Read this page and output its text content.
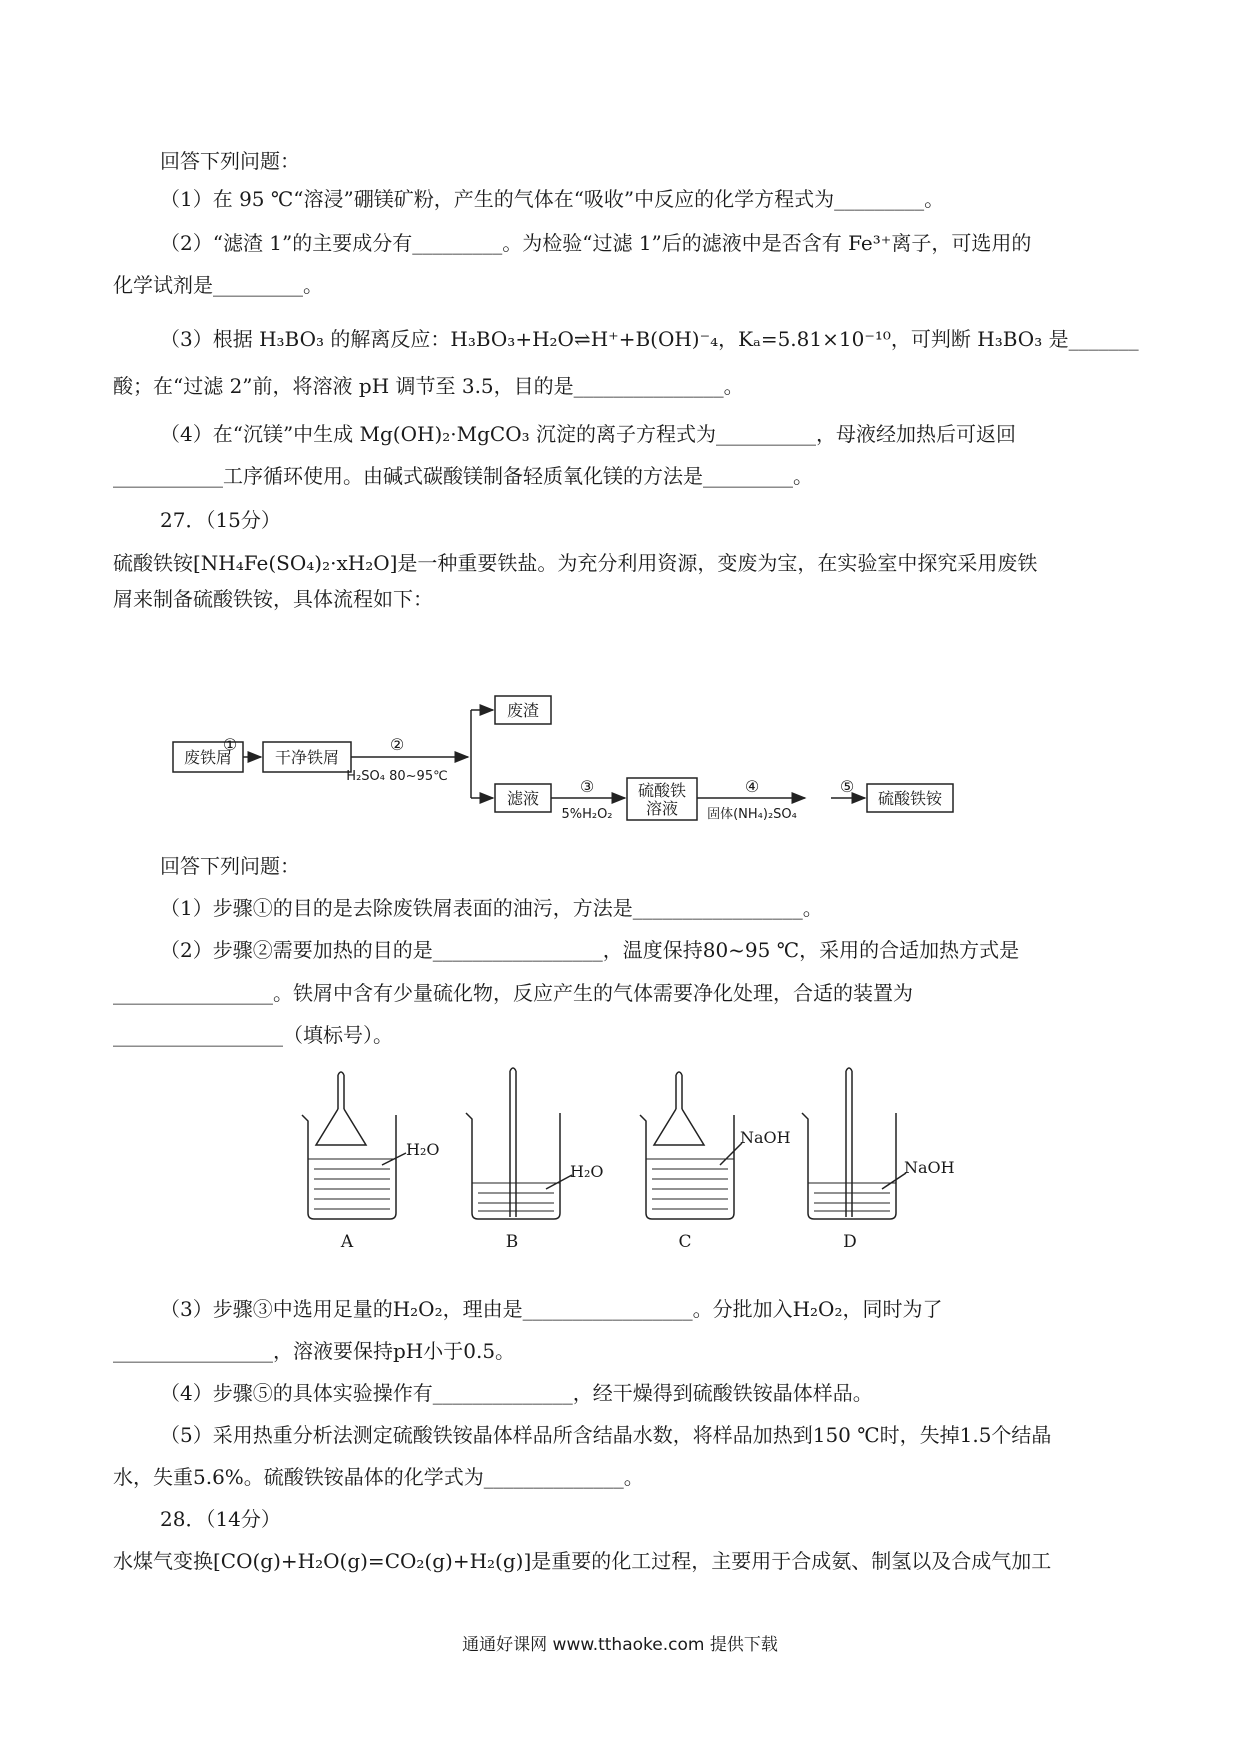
回答下列问题：
（1）在 95 ℃“溶浸”硼镁矿粉，产生的气体在“吸收”中反应的化学方程式为_________。
（2）“滤渣 1”的主要成分有_________。为检验“过滤 1”后的滤液中是否含有 Fe³⁺离子，可选用的
化学试剂是_________。
（3）根据 H₃BO₃ 的解离反应：H₃BO₃+H₂O⇌H⁺+B(OH)⁻₄，Kₐ=5.81×10⁻¹⁰，可判断 H₃BO₃ 是_______
酸；在“过滤 2”前，将溶液 pH 调节至 3.5，目的是_______________。
（4）在“沉镁”中生成 Mg(OH)₂·MgCO₃ 沉淀的离子方程式为__________，母液经加热后可返回
___________工序循环使用。由碱式碳酸镁制备轻质氧化镁的方法是_________。
27．（15分）
硫酸铁铵[NH₄Fe(SO₄)₂·xH₂O]是一种重要铁盐。为充分利用资源，变废为宝，在实验室中探究采用废铁
屑来制备硫酸铁铵，具体流程如下：
废铁屑	干净铁屑
废渣
滤液	硫酸铁
溶液
硫酸铁铵
①	②
H₂SO₄ 80~95℃
③
5%H₂O₂
④
固体(NH₄)₂SO₄
⑤
回答下列问题：
（1）步骤①的目的是去除废铁屑表面的油污，方法是_________________。
（2）步骤②需要加热的目的是_________________，温度保持80~95 ℃，采用的合适加热方式是
________________。铁屑中含有少量硫化物，反应产生的气体需要净化处理，合适的装置为
_________________（填标号）。
H₂O
H₂O
NaOH
NaOH
A	B	C	D
（3）步骤③中选用足量的H₂O₂，理由是_________________。分批加入H₂O₂，同时为了
________________，溶液要保持pH小于0.5。
（4）步骤⑤的具体实验操作有______________，经干燥得到硫酸铁铵晶体样品。
（5）采用热重分析法测定硫酸铁铵晶体样品所含结晶水数，将样品加热到150 ℃时，失掉1.5个结晶
水，失重5.6%。硫酸铁铵晶体的化学式为______________。
28．（14分）
水煤气变换[CO(g)+H₂O(g)=CO₂(g)+H₂(g)]是重要的化工过程，主要用于合成氨、制氢以及合成气加工
通通好课网 www.tthaoke.com 提供下载
